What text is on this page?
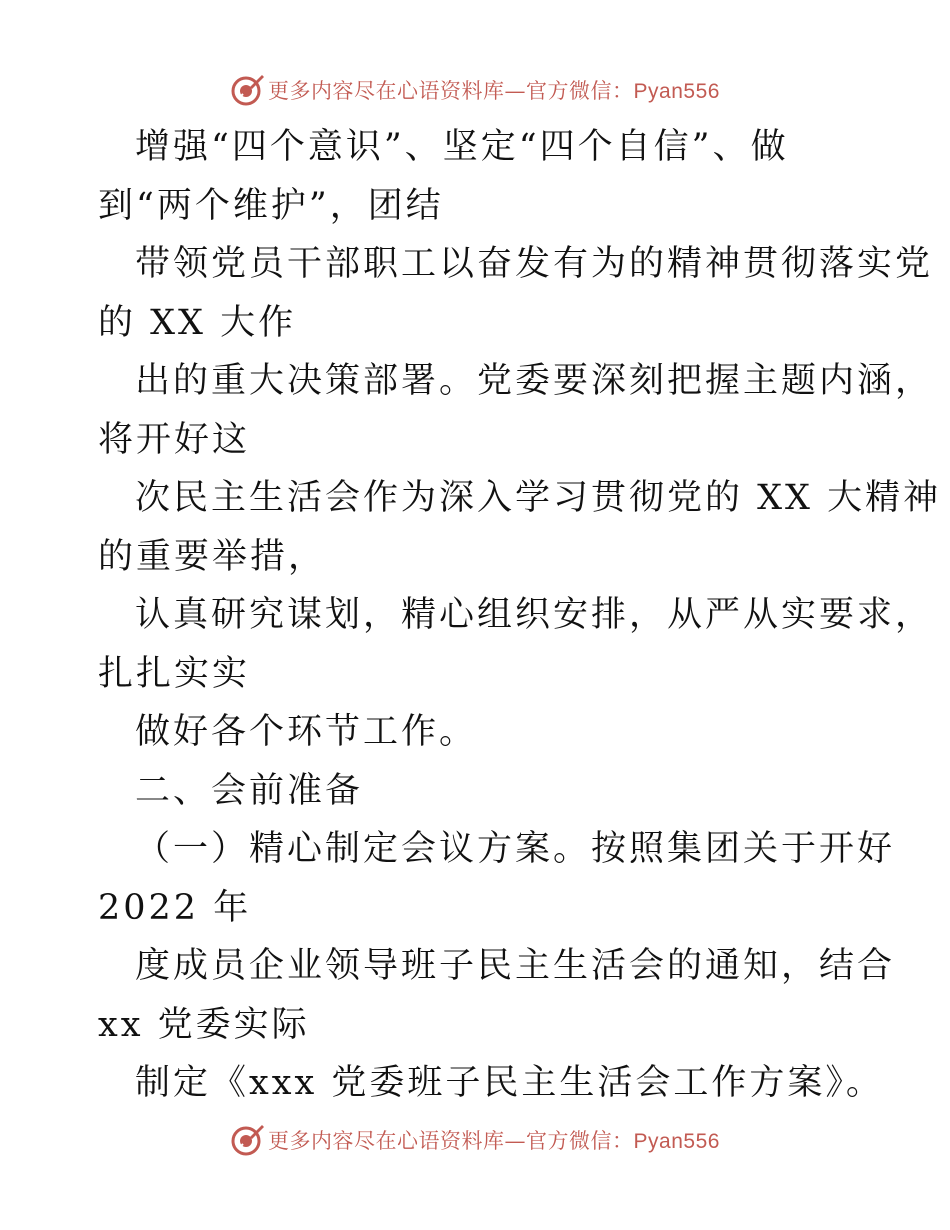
更多内容尽在心语资料库—官方微信：Pyan556
增强“四个意识”、坚定“四个自信”、做
到“两个维护”，团结
带领党员干部职工以奋发有为的精神贯彻落实党
的 XX 大作
出的重大决策部署。党委要深刻把握主题内涵，
将开好这
次民主生活会作为深入学习贯彻党的 XX 大精神
的重要举措，
认真研究谋划，精心组织安排，从严从实要求，
扎扎实实
做好各个环节工作。
二、会前准备
（一）精心制定会议方案。按照集团关于开好
2022 年
度成员企业领导班子民主生活会的通知，结合
xx 党委实际
制定《xxx 党委班子民主生活会工作方案》。
更多内容尽在心语资料库—官方微信：Pyan556
